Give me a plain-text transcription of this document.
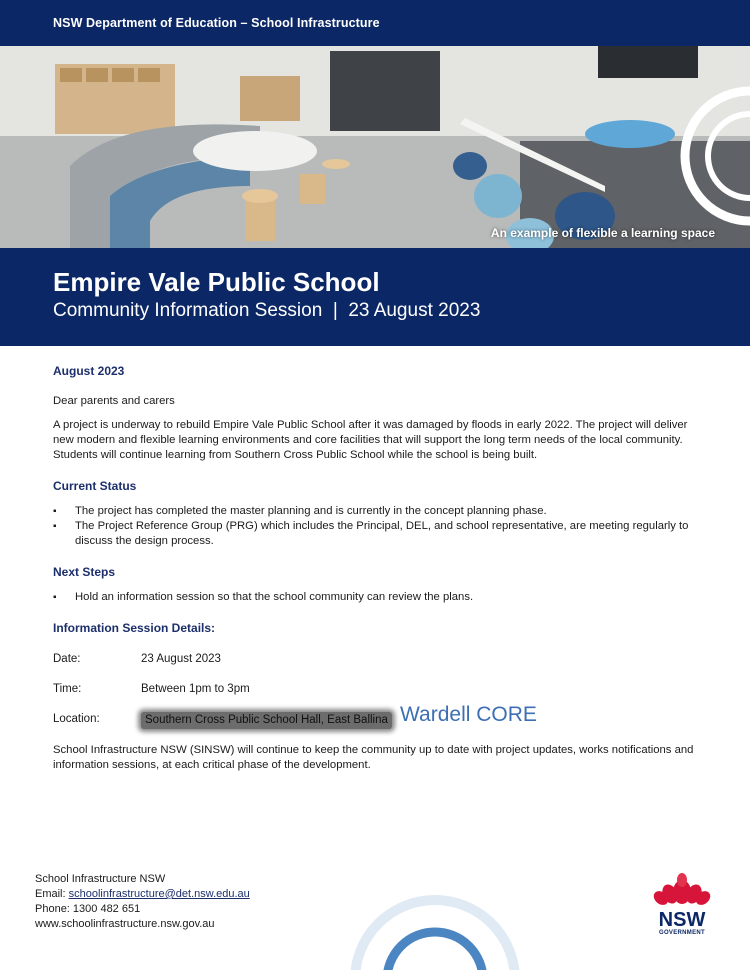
NSW Department of Education – School Infrastructure
An example of flexible a learning space
Empire Vale Public School
Community Information Session  |  23 August 2023

August 2023

Dear parents and carers

A project is underway to rebuild Empire Vale Public School after it was damaged by floods in early 2022. The project will deliver new modern and flexible learning environments and core facilities that will support the long term needs of the local community. Students will continue learning from Southern Cross Public School while the school is being built.

Current Status

▪ The project has completed the master planning and is currently in the concept planning phase.
▪ The Project Reference Group (PRG) which includes the Principal, DEL, and school representative, are meeting regularly to discuss the design process.

Next Steps

▪ Hold an information session so that the school community can review the plans.

Information Session Details:

Date:	23 August 2023
Time:	Between 1pm to 3pm
Location:	Southern Cross Public School Hall, East Ballina Wardell CORE

School Infrastructure NSW (SINSW) will continue to keep the community up to date with project updates, works notifications and information sessions, at each critical phase of the development.

School Infrastructure NSW
Email: schoolinfrastructure@det.nsw.edu.au
Phone: 1300 482 651
www.schoolinfrastructure.nsw.gov.au	NSW
GOVERNMENT
